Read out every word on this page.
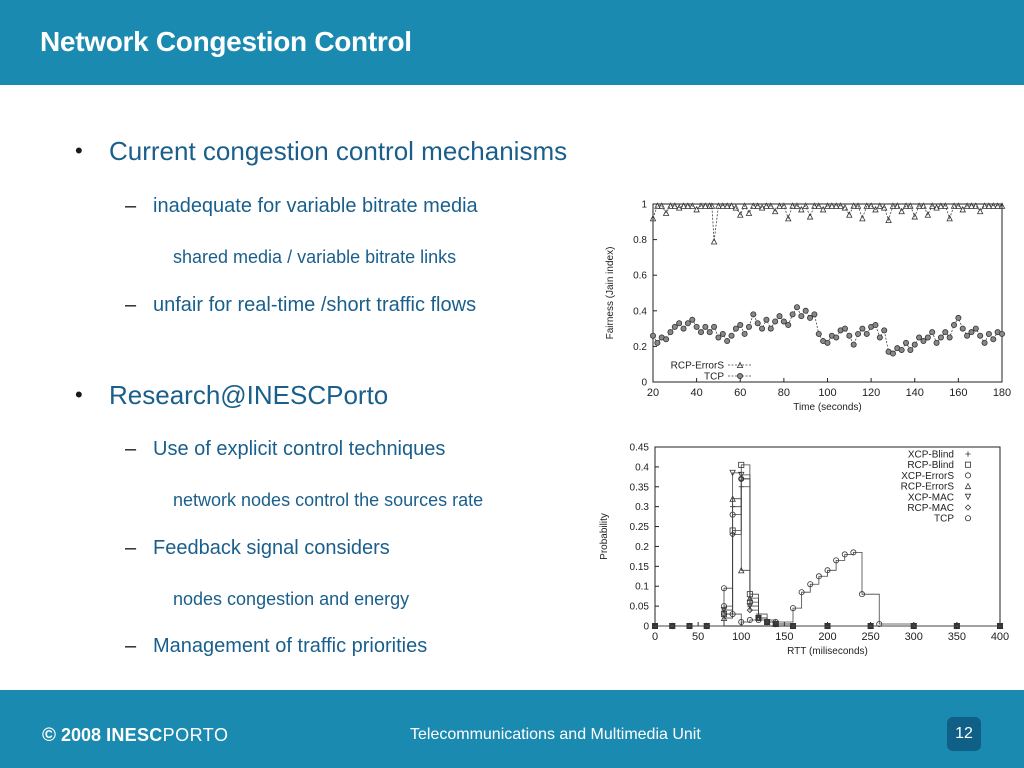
Network Congestion Control
• Current congestion control mechanisms
– inadequate for variable bitrate media
shared media / variable bitrate links
– unfair for real-time /short traffic flows
• Research@INESCPorto
– Use of explicit control techniques
network nodes control the sources rate
– Feedback signal considers
nodes congestion and energy
– Management of traffic priorities
20	40	60	80	100 120 140 160 180
0
0.2
0.4
0.6
0.8
1
Time (seconds)
Fairness (Jain index)
RCP-ErrorS
TCP
0	50	100 150 200 250 300 350 400
0
0.05
0.1
0.15
0.2
0.25
0.3
0.35
0.4
0.45
RTT (miliseconds)
Probability
XCP-Blind
RCP-Blind
XCP-ErrorS
RCP-ErrorS
XCP-MAC
RCP-MAC
TCP
© 2008 INESCPORTO	Telecommunications and Multimedia Unit	12
